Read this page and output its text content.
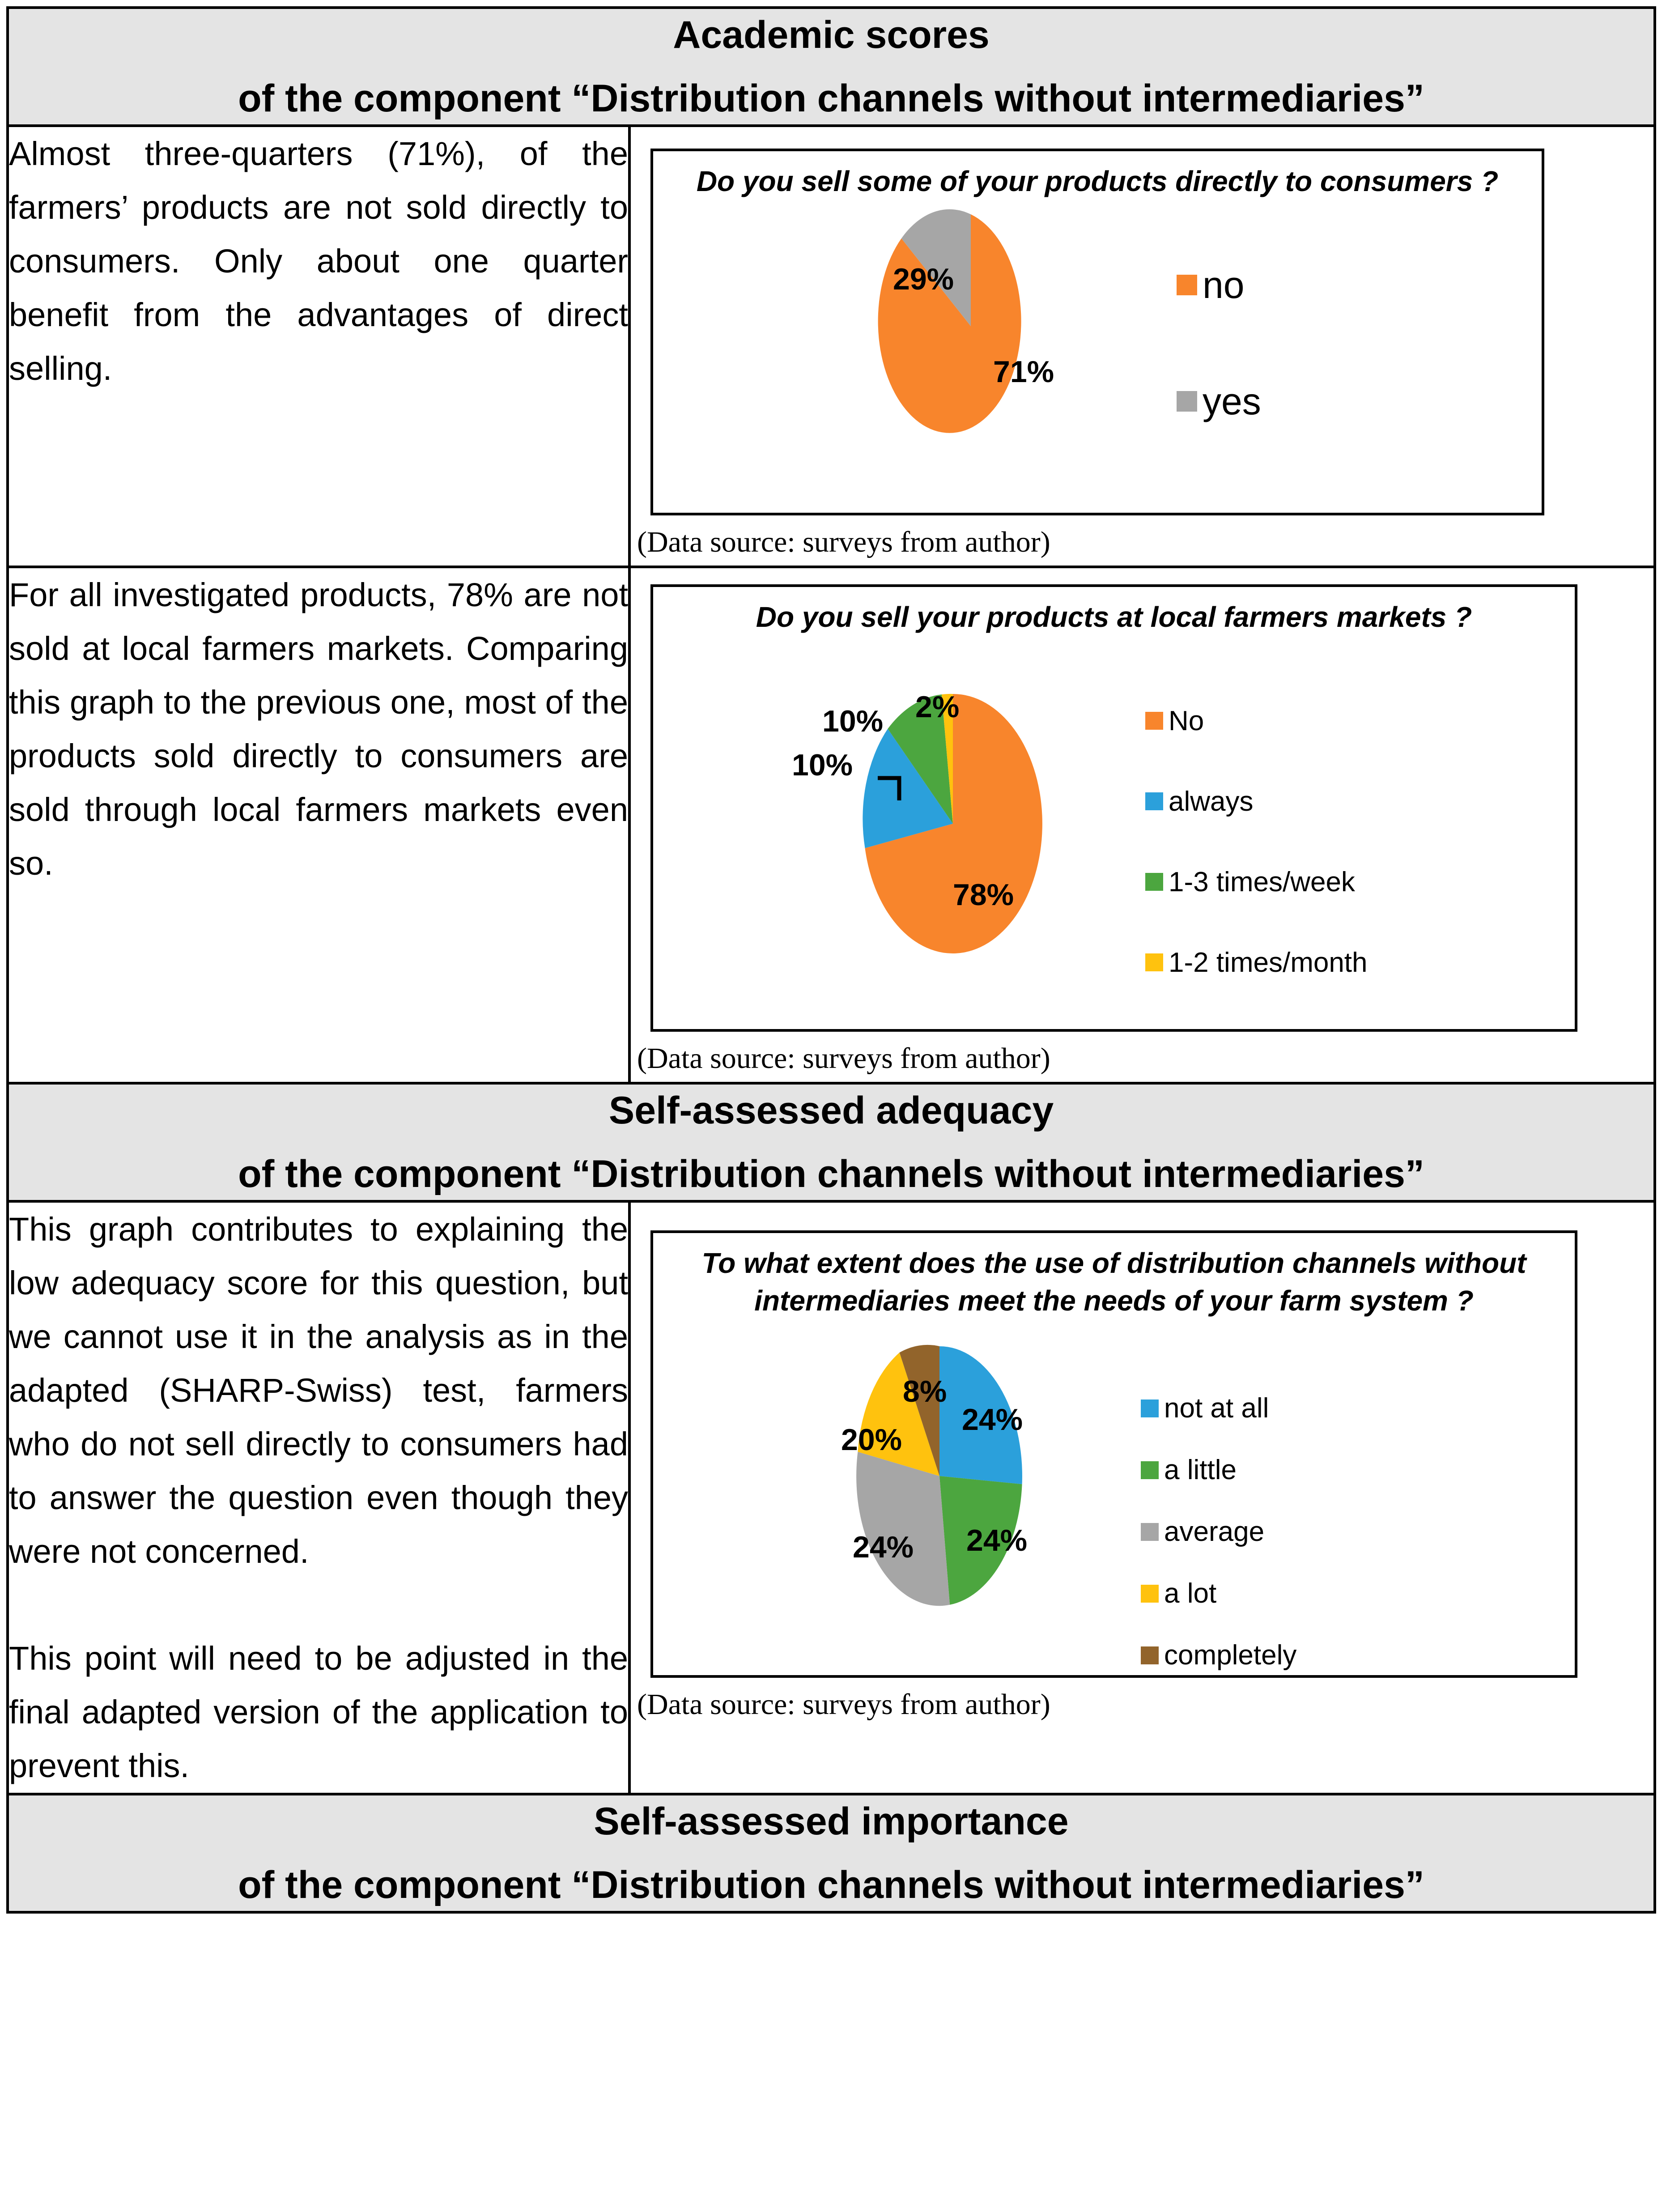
Academic scores
of the component “Distribution channels without intermediaries”	

Almost three-quarters (71%), of the farmers’ products are not sold directly to consumers. Only about one quarter benefit from the advantages of direct selling.

Do you sell some of your products directly to consumers ?
71%
29%	no
yes
(Data source: surveys from author)

For all investigated products, 78% are not sold at local farmers markets. Comparing this graph to the previous one, most of the products sold directly to consumers are sold through local farmers markets even so.

Do you sell your products at local farmers markets ?
78%
10%
10% 2%	No
always
1-3 times/week
1-2 times/month
(Data source: surveys from author)

Self-assessed adequacy
of the component “Distribution channels without intermediaries”	

This graph contributes to explaining the low adequacy score for this question, but we cannot use it in the analysis as in the adapted (SHARP-Swiss) test, farmers who do not sell directly to consumers had to answer the question even though they were not concerned.

This point will need to be adjusted in the final adapted version of the application to prevent this.

To what extent does the use of distribution channels without intermediaries meet the needs of your farm system ?
24%
24%
24%
20%
8%	not at all
a little
average
a lot
completely
(Data source: surveys from author)

Self-assessed importance
of the component “Distribution channels without intermediaries”	
